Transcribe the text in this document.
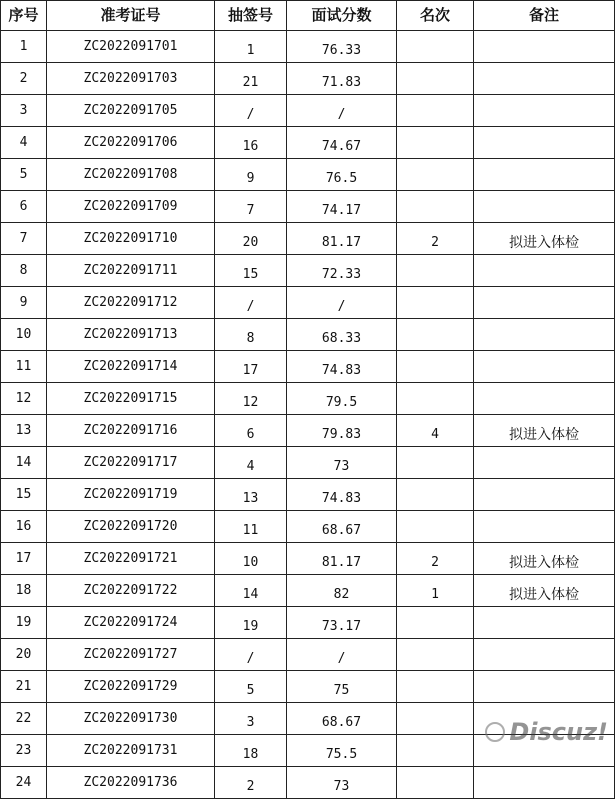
序号	准考证号	抽签号	面试分数	名次	备注
1	ZC2022091701	1	76.33		
2	ZC2022091703	21	71.83		
3	ZC2022091705	/	/		
4	ZC2022091706	16	74.67		
5	ZC2022091708	9	76.5		
6	ZC2022091709	7	74.17		
7	ZC2022091710	20	81.17	2	拟进入体检
8	ZC2022091711	15	72.33		
9	ZC2022091712	/	/		
10	ZC2022091713	8	68.33		
11	ZC2022091714	17	74.83		
12	ZC2022091715	12	79.5		
13	ZC2022091716	6	79.83	4	拟进入体检
14	ZC2022091717	4	73		
15	ZC2022091719	13	74.83		
16	ZC2022091720	11	68.67		
17	ZC2022091721	10	81.17	2	拟进入体检
18	ZC2022091722	14	82	1	拟进入体检
19	ZC2022091724	19	73.17		
20	ZC2022091727	/	/		
21	ZC2022091729	5	75		
22	ZC2022091730	3	68.67		
23	ZC2022091731	18	75.5		
24	ZC2022091736	2	73		
Discuz!
